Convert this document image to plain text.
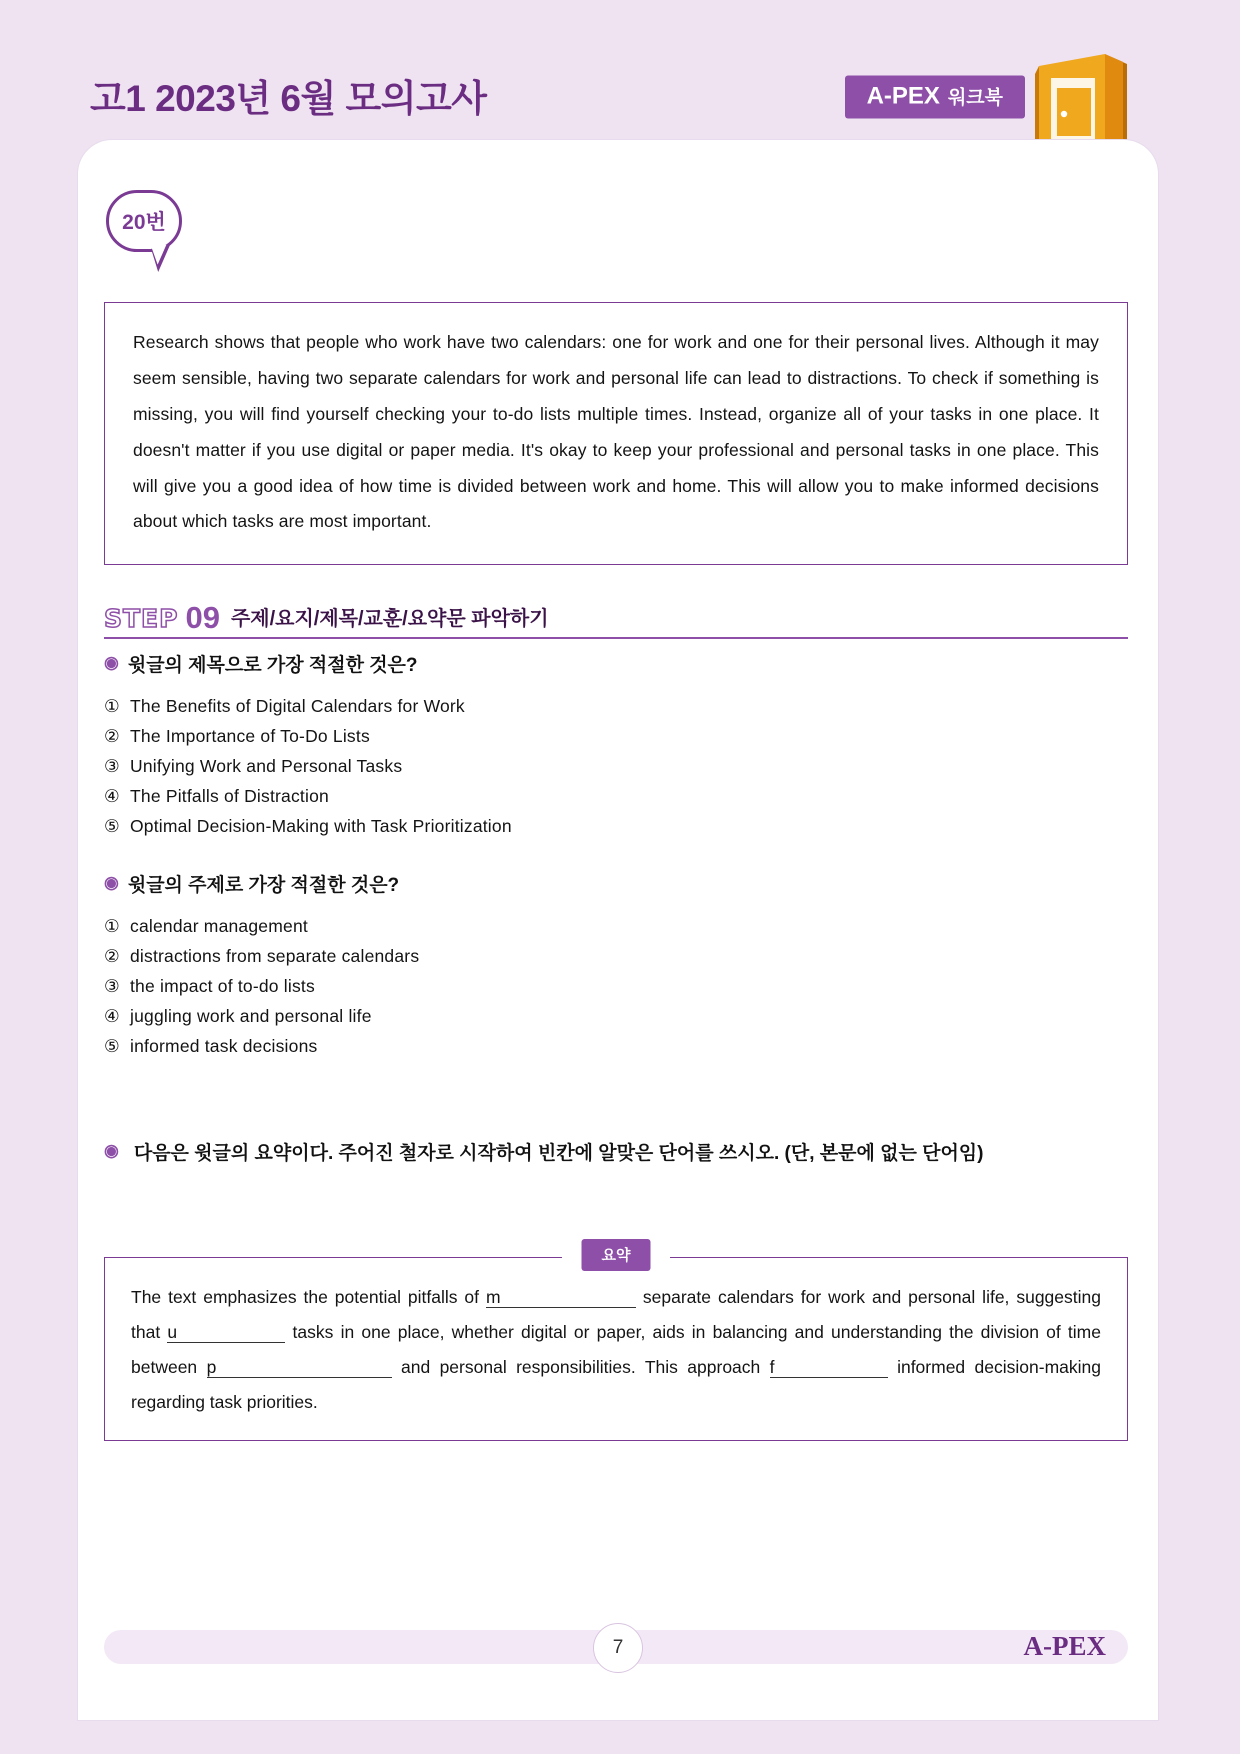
고1 2023년 6월 모의고사	A-PEX 워크북
20번
Research shows that people who work have two calendars: one for work and one for their personal lives. Although it may seem sensible, having two separate calendars for work and personal life can lead to distractions. To check if something is missing, you will find yourself checking your to-do lists multiple times. Instead, organize all of your tasks in one place. It doesn't matter if you use digital or paper media. It's okay to keep your professional and personal tasks in one place. This will give you a good idea of how time is divided between work and home. This will allow you to make informed decisions about which tasks are most important.
STEP 09 주제/요지/제목/교훈/요약문 파악하기
◉ 윗글의 제목으로 가장 적절한 것은?
① The Benefits of Digital Calendars for Work
② The Importance of To-Do Lists
③ Unifying Work and Personal Tasks
④ The Pitfalls of Distraction
⑤ Optimal Decision-Making with Task Prioritization
◉ 윗글의 주제로 가장 적절한 것은?
① calendar management
② distractions from separate calendars
③ the impact of to-do lists
④ juggling work and personal life
⑤ informed task decisions
◉ 다음은 윗글의 요약이다. 주어진 철자로 시작하여 빈칸에 알맞은 단어를 쓰시오. (단, 본문에 없는 단어임)
요약
The text emphasizes the potential pitfalls of m	separate calendars for work and personal life, suggesting that u	tasks in one place, whether digital or paper, aids in balancing and understanding the division of time between p	and personal responsibilities. This approach f	informed decision-making regarding task priorities.
7	A-PEX
